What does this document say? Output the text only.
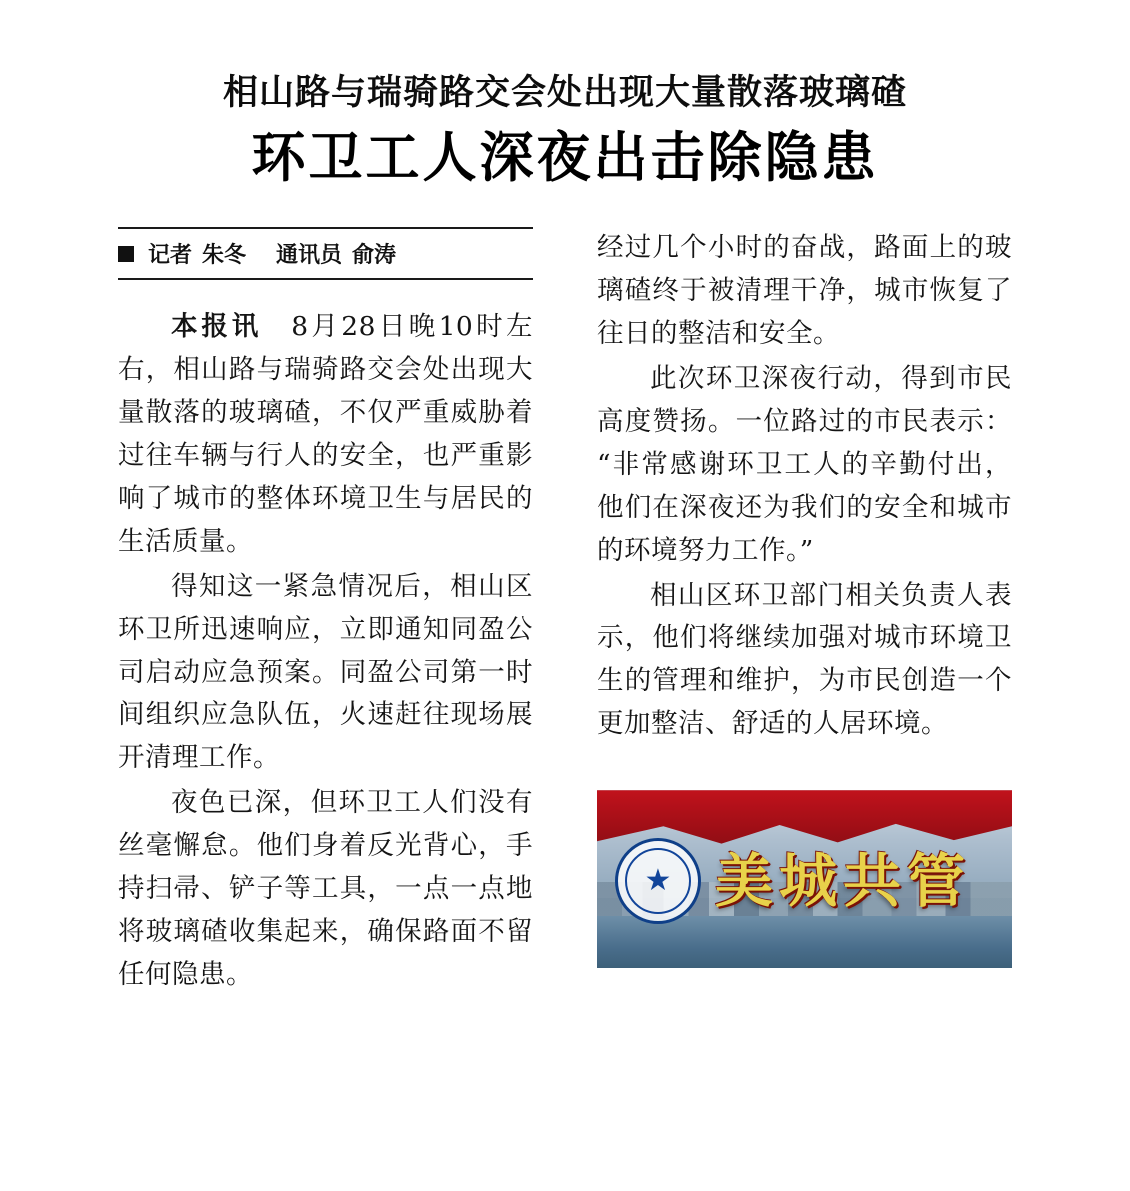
相山路与瑞骑路交会处出现大量散落玻璃碴
环卫工人深夜出击除隐患
记者 朱冬 通讯员 俞涛

本报讯 8月28日晚10时左右，相山路与瑞骑路交会处出现大量散落的玻璃碴，不仅严重威胁着过往车辆与行人的安全，也严重影响了城市的整体环境卫生与居民的生活质量。

得知这一紧急情况后，相山区环卫所迅速响应，立即通知同盈公司启动应急预案。同盈公司第一时间组织应急队伍，火速赶往现场展开清理工作。

夜色已深，但环卫工人们没有丝毫懈怠。他们身着反光背心，手持扫帚、铲子等工具，一点一点地将玻璃碴收集起来，确保路面不留任何隐患。

经过几个小时的奋战，路面上的玻璃碴终于被清理干净，城市恢复了往日的整洁和安全。

此次环卫深夜行动，得到市民高度赞扬。一位路过的市民表示：“非常感谢环卫工人的辛勤付出，他们在深夜还为我们的安全和城市的环境努力工作。”

相山区环卫部门相关负责人表示，他们将继续加强对城市环境卫生的管理和维护，为市民创造一个更加整洁、舒适的人居环境。

★ 美城共管
